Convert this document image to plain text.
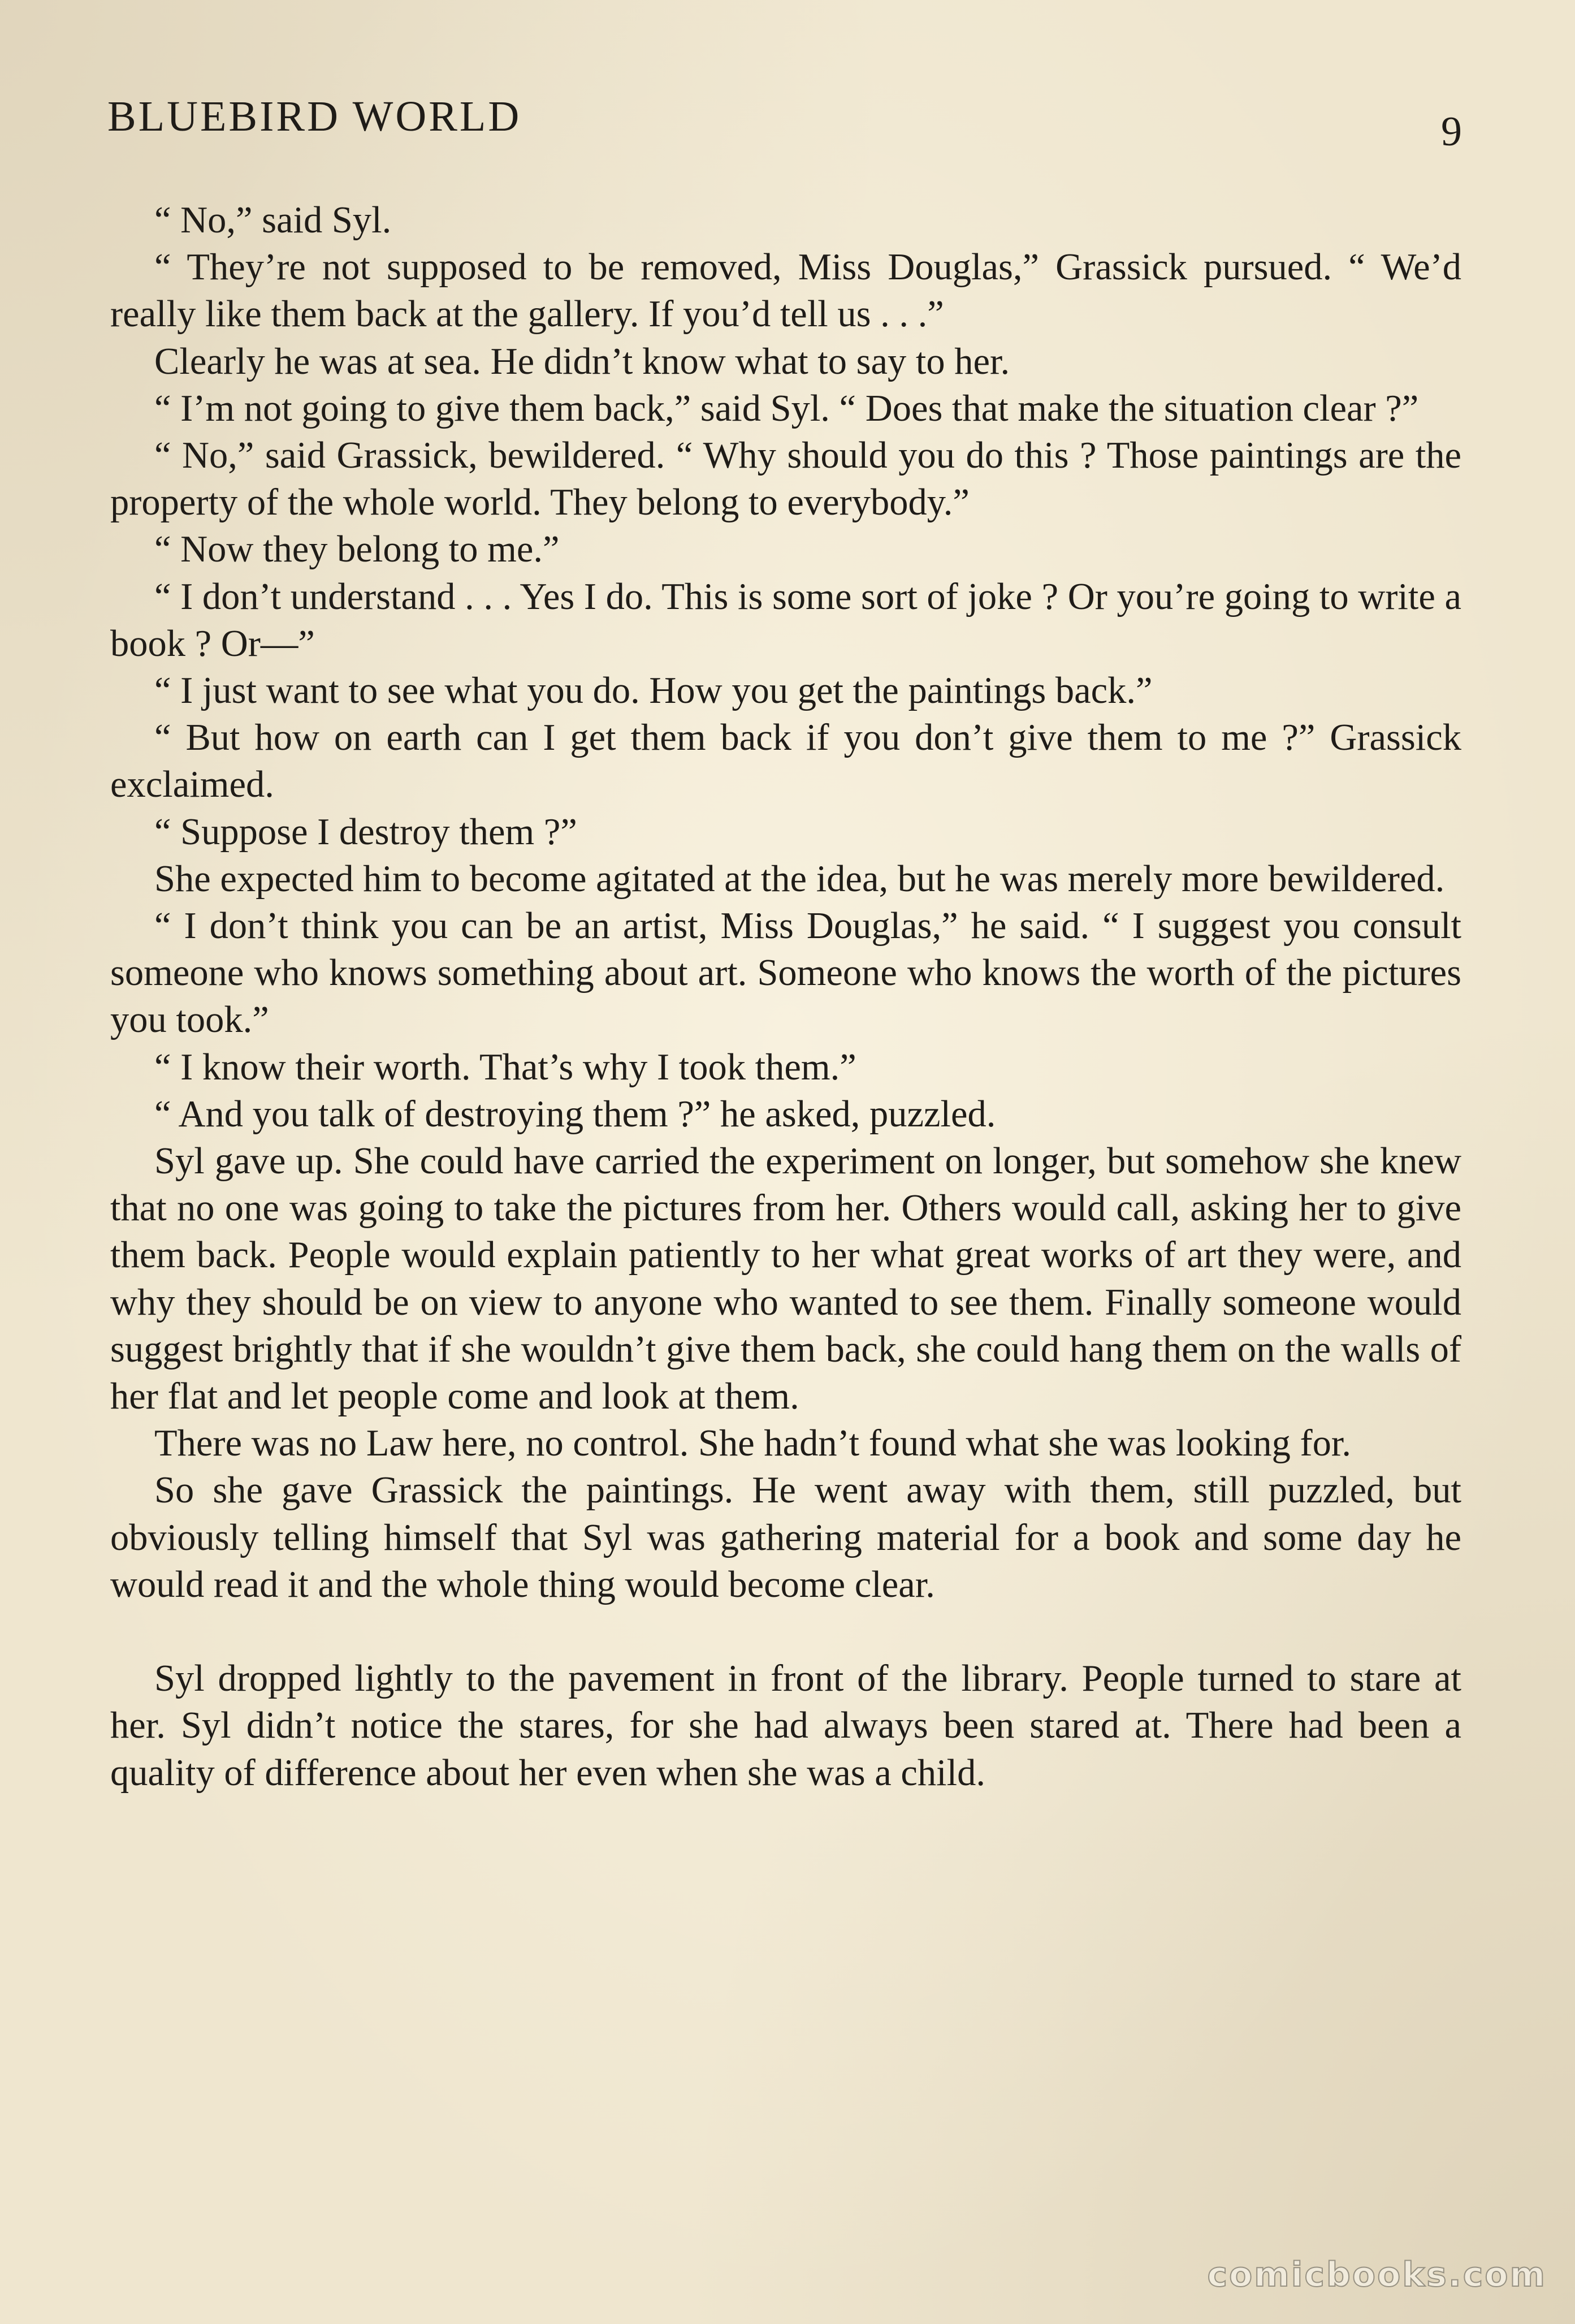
BLUEBIRD WORLD	9

“ No,” said Syl.

“ They’re not supposed to be removed, Miss Douglas,” Grassick pursued. “ We’d really like them back at the gallery. If you’d tell us . . .”

Clearly he was at sea. He didn’t know what to say to her.

“ I’m not going to give them back,” said Syl. “ Does that make the situation clear ?”

“ No,” said Grassick, bewildered. “ Why should you do this ? Those paintings are the property of the whole world. They belong to everybody.”

“ Now they belong to me.”

“ I don’t understand . . . Yes I do. This is some sort of joke ? Or you’re going to write a book ? Or—”

“ I just want to see what you do. How you get the paintings back.”

“ But how on earth can I get them back if you don’t give them to me ?” Grassick exclaimed.

“ Suppose I destroy them ?”

She expected him to become agitated at the idea, but he was merely more bewildered.

“ I don’t think you can be an artist, Miss Douglas,” he said. “ I suggest you consult someone who knows something about art. Someone who knows the worth of the pictures you took.”

“ I know their worth. That’s why I took them.”

“ And you talk of destroying them ?” he asked, puzzled.

Syl gave up. She could have carried the experiment on longer, but somehow she knew that no one was going to take the pictures from her. Others would call, asking her to give them back. People would explain patiently to her what great works of art they were, and why they should be on view to anyone who wanted to see them. Finally someone would suggest brightly that if she wouldn’t give them back, she could hang them on the walls of her flat and let people come and look at them.

There was no Law here, no control. She hadn’t found what she was looking for.

So she gave Grassick the paintings. He went away with them, still puzzled, but obviously telling himself that Syl was gathering material for a book and some day he would read it and the whole thing would become clear.

Syl dropped lightly to the pavement in front of the library. People turned to stare at her. Syl didn’t notice the stares, for she had always been stared at. There had been a quality of difference about her even when she was a child.

comicbooks.com
